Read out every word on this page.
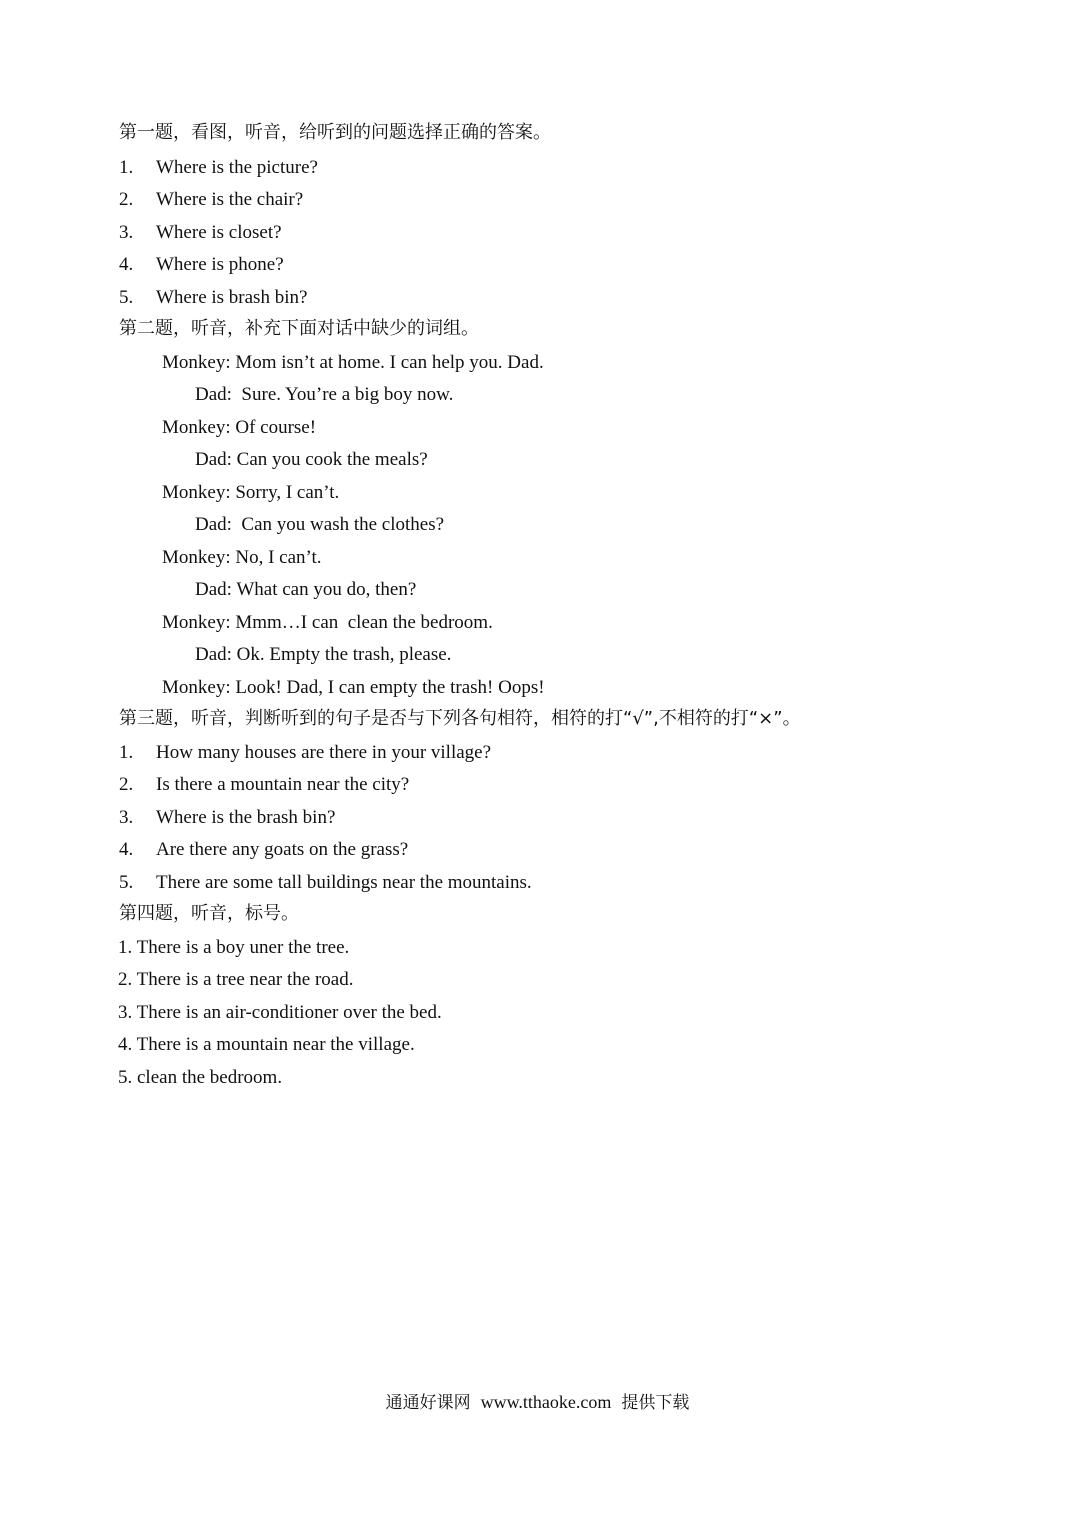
第一题，看图，听音，给听到的问题选择正确的答案。
1. Where is the picture?
2. Where is the chair?
3. Where is closet?
4. Where is phone?
5. Where is brash bin?
第二题，听音，补充下面对话中缺少的词组。
Monkey: Mom isn’t at home. I can help you. Dad.
Dad:  Sure. You’re a big boy now.
Monkey: Of course!
Dad: Can you cook the meals?
Monkey: Sorry, I can’t.
Dad:  Can you wash the clothes?
Monkey: No, I can’t.
Dad: What can you do, then?
Monkey: Mmm…I can  clean the bedroom.
Dad: Ok. Empty the trash, please.
Monkey: Look! Dad, I can empty the trash! Oops!
第三题，听音，判断听到的句子是否与下列各句相符，相符的打“√”,不相符的打“×”。
1. How many houses are there in your village?
2. Is there a mountain near the city?
3. Where is the brash bin?
4. Are there any goats on the grass?
5. There are some tall buildings near the mountains.
第四题，听音，标号。
1. There is a boy uner the tree.
2. There is a tree near the road.
3. There is an air-conditioner over the bed.
4. There is a mountain near the village.
5. clean the bedroom.
通通好课网 www.tthaoke.com 提供下载
